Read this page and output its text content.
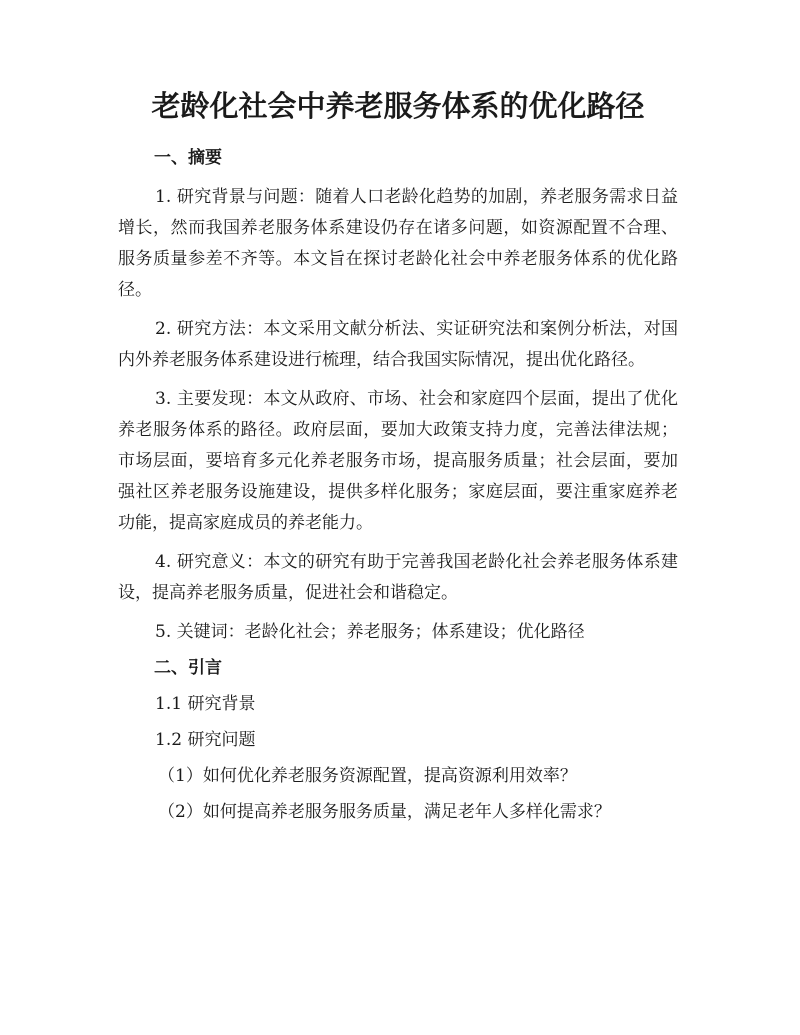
老龄化社会中养老服务体系的优化路径
一、摘要

1. 研究背景与问题：随着人口老龄化趋势的加剧，养老服务需求日益增长，然而我国养老服务体系建设仍存在诸多问题，如资源配置不合理、服务质量参差不齐等。本文旨在探讨老龄化社会中养老服务体系的优化路径。

2. 研究方法：本文采用文献分析法、实证研究法和案例分析法，对国内外养老服务体系建设进行梳理，结合我国实际情况，提出优化路径。

3. 主要发现：本文从政府、市场、社会和家庭四个层面，提出了优化养老服务体系的路径。政府层面，要加大政策支持力度，完善法律法规；市场层面，要培育多元化养老服务市场，提高服务质量；社会层面，要加强社区养老服务设施建设，提供多样化服务；家庭层面，要注重家庭养老功能，提高家庭成员的养老能力。

4. 研究意义：本文的研究有助于完善我国老龄化社会养老服务体系建设，提高养老服务质量，促进社会和谐稳定。

5. 关键词：老龄化社会；养老服务；体系建设；优化路径

二、引言
1.1 研究背景
1.2 研究问题
（1）如何优化养老服务资源配置，提高资源利用效率？
（2）如何提高养老服务服务质量，满足老年人多样化需求？
